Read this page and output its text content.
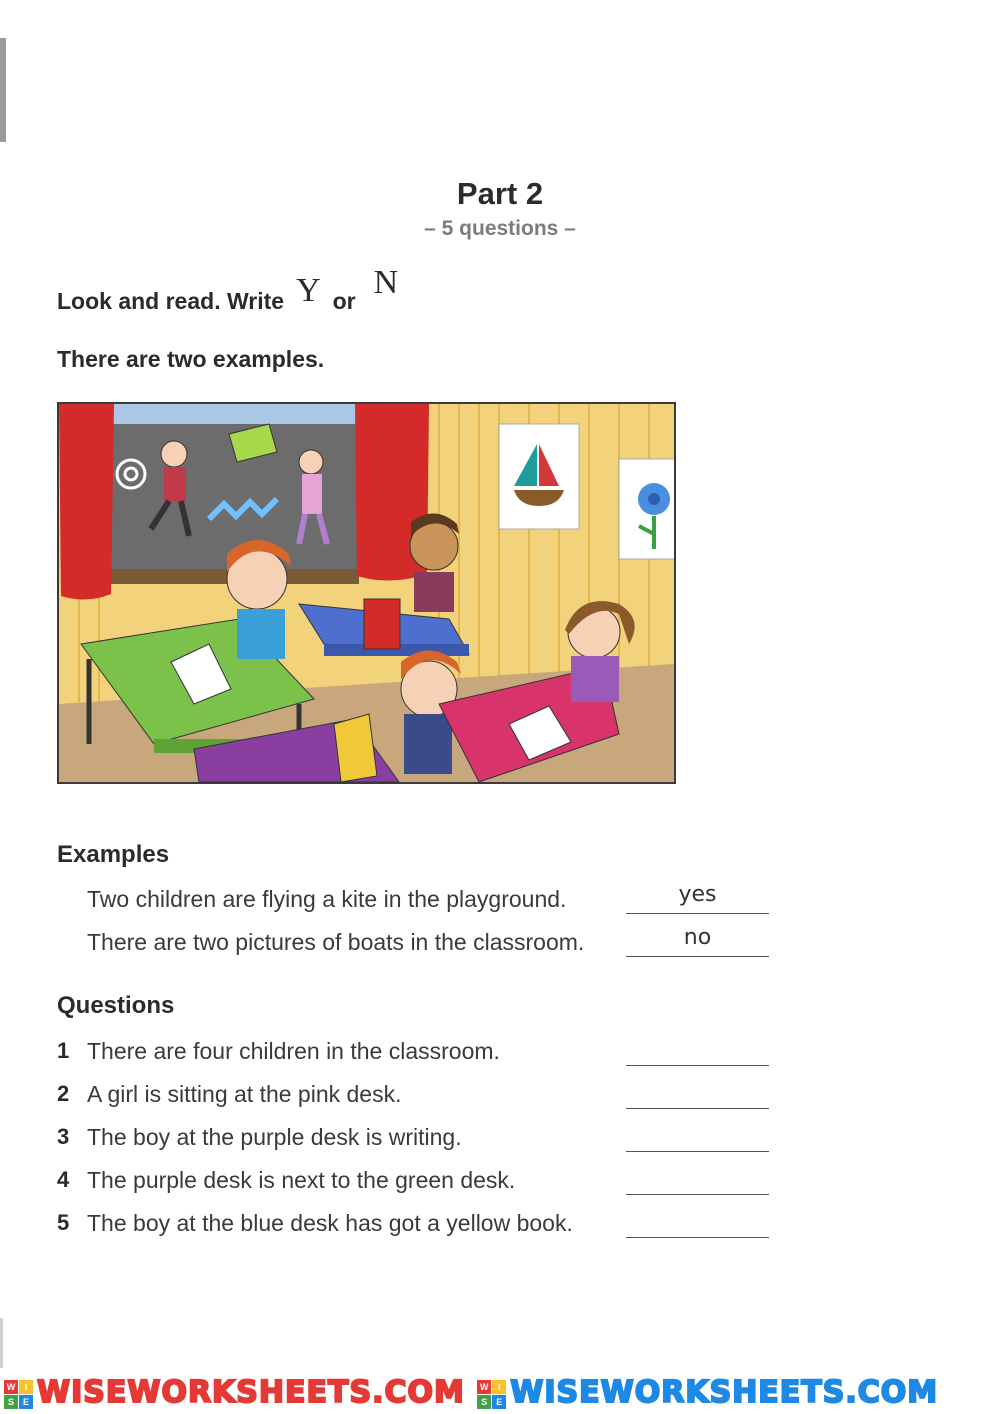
Part 2
– 5 questions –
Look and read. Write Y or N
There are two examples.
Examples
Two children are flying a kite in the playground.	yes
There are two pictures of boats in the classroom.	no
Questions
1 There are four children in the classroom.
2 A girl is sitting at the pink desk.
3 The boy at the purple desk is writing.
4 The purple desk is next to the green desk.
5 The boy at the blue desk has got a yellow book.
W	I
S E WISEWORKSHEETS.COM	W	I
S E WISEWORKSHEETS.COM
